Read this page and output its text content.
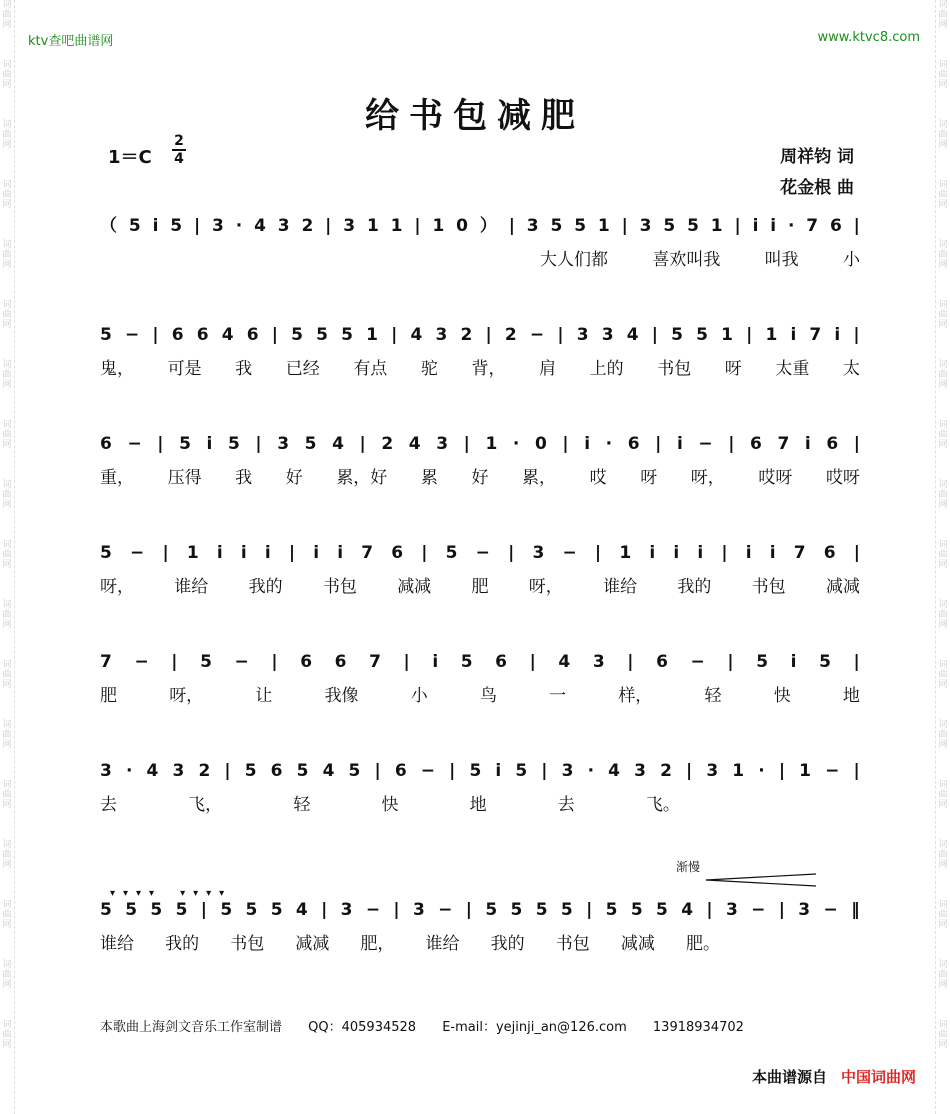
词
曲
网
词
曲
网
词
曲
网
词
曲
网
词
曲
网
词
曲
网
词
曲
网
词
曲
网
词
曲
网
词
曲
网
词
曲
网
词
曲
网
词
曲
网
词
曲
网
词
曲
网
词
曲
网
词
曲
网
词
曲
网
词
曲
网
词
曲
网
词
曲
网
词
曲
网
词
曲
网
词
曲
网
词
曲
网
词
曲
网
词
曲
网
词
曲
网
词
曲
网
词
曲
网
词
曲
网
词
曲
网
词
曲
网
词
曲
网
词
曲
网
词
曲
网
ktv查吧曲谱网	www.ktvc8.com
给书包减肥
1＝C
2
4	周祥钧 词
花金根 曲
（ 5 i 5 | 3 · 4 3 2 | 3 1 1 | 1 0 ） | 3 5 5 1 | 3 5 5 1 | i i · 7 6 |
大人们都	喜欢叫我	叫我	小
5 − | 6 6 4 6 | 5 5 5 1 | 4 3 2 | 2 − | 3 3 4 | 5 5 1 | 1 i 7 i |
鬼， 可是 我 已经 有点 驼 背， 肩 上的 书包 呀 太重 太
6 − | 5 i 5 | 3 5 4 | 2 4 3 | 1 · 0 | i · 6 | i − | 6 7 i 6 |
重， 压得 我 好 累，好 累 好 累， 哎 呀 呀， 哎呀 哎呀
5 − | 1 i i i | i i 7 6 | 5 − | 3 − | 1 i i i | i i 7 6 |
呀， 谁给 我的 书包 减减 肥 呀， 谁给 我的 书包 减减
7 − | 5 − | 6 6 7 | i 5 6 | 4 3 | 6 − | 5 i 5 |
肥	呀，	让	我像	小	鸟	一	样，	轻	快	地
3 · 4 3 2 | 5 6 5 4 5 | 6 − | 5 i 5 | 3 · 4 3 2 | 3 1 · | 1 − |
去	飞，	轻	快	地	去	飞。
渐慢
▾▾▾▾　▾▾▾▾
5 5 5 5 | 5 5 5 4 | 3 − | 3 − | 5 5 5 5 | 5 5 5 4 | 3 − | 3 − ‖
谁给 我的 书包 减减 肥， 谁给 我的 书包 减减 肥。
本歌曲上海剑文音乐工作室制谱 QQ：405934528 E-mail：yejinji_an@126.com 13918934702
本曲谱源自 中国词曲网
